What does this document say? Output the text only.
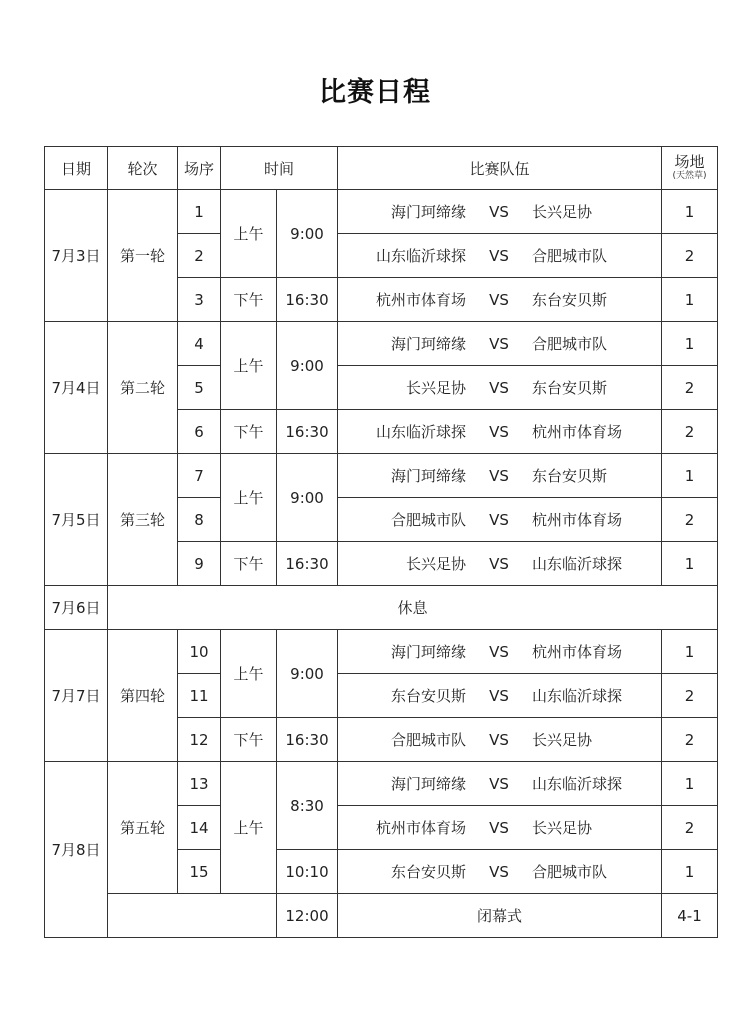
比赛日程
日期	轮次	场序	时间		比赛队伍	场地
(天然草)

7月3日	第一轮	1	上午	9:00	海门珂缔缘 VS 长兴足协	1
		2			山东临沂球探 VS 合肥城市队	2
		3	下午	16:30	杭州市体育场 VS 东台安贝斯	1
7月4日	第二轮	4	上午	9:00	海门珂缔缘 VS 合肥城市队	1
		5			长兴足协 VS 东台安贝斯	2
		6	下午	16:30	山东临沂球探 VS 杭州市体育场	2
7月5日	第三轮	7	上午	9:00	海门珂缔缘 VS 东台安贝斯	1
		8			合肥城市队 VS 杭州市体育场	2
		9	下午	16:30	长兴足协 VS 山东临沂球探	1
7月6日	休息					
7月7日	第四轮	10	上午	9:00	海门珂缔缘 VS 杭州市体育场	1
		11			东台安贝斯 VS 山东临沂球探	2
		12	下午	16:30	合肥城市队 VS 长兴足协	2
7月8日	第五轮	13	上午	8:30	海门珂缔缘 VS 山东临沂球探	1
		14			杭州市体育场 VS 长兴足协	2
		15		10:10	东台安贝斯 VS 合肥城市队	1
				12:00	闭幕式	4-1
